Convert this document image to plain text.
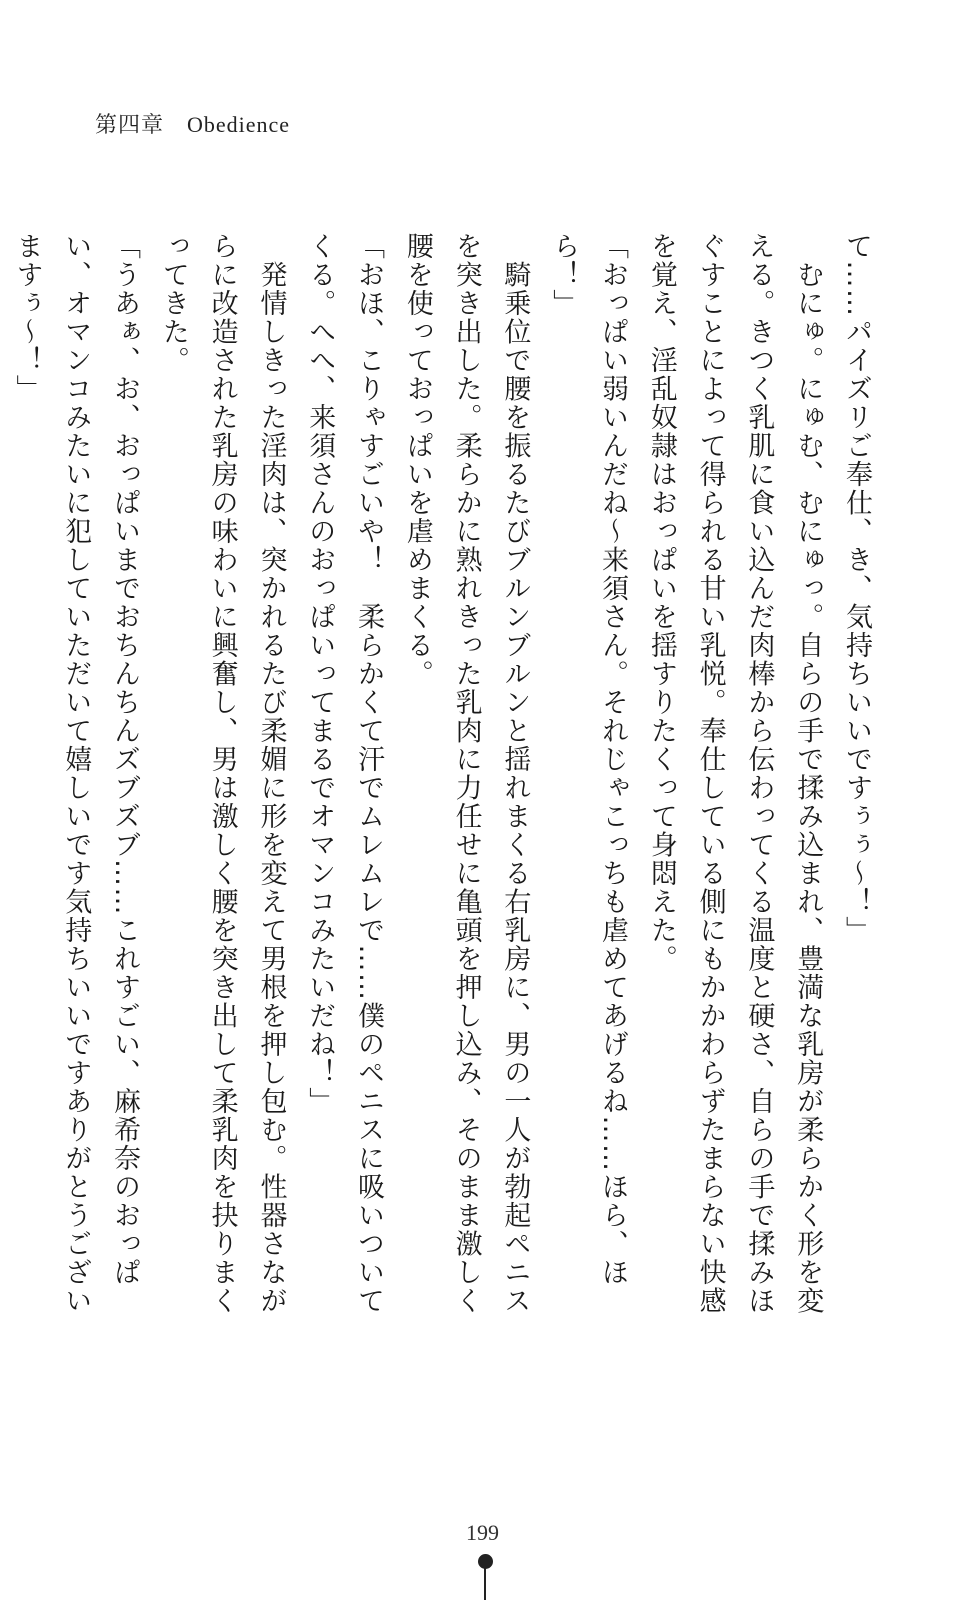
第四章　Obedience

て……パイズリご奉仕、き、気持ちいいですぅぅ〜！」

　むにゅ。にゅむ、むにゅっ。自らの手で揉み込まれ、豊満な乳房が柔らかく形を変える。きつく乳肌に食い込んだ肉棒から伝わってくる温度と硬さ、自らの手で揉みほぐすことによって得られる甘い乳悦。奉仕している側にもかかわらずたまらない快感を覚え、淫乱奴隷はおっぱいを揺すりたくって身悶えた。

「おっぱい弱いんだね〜来須さん。それじゃこっちも虐めてあげるね……ほら、ほら！」

　騎乗位で腰を振るたびブルンブルンと揺れまくる右乳房に、男の一人が勃起ペニスを突き出した。柔らかに熟れきった乳肉に力任せに亀頭を押し込み、そのまま激しく腰を使っておっぱいを虐めまくる。

「おほ、こりゃすごいや！　柔らかくて汗でムレムレで……僕のペニスに吸いついてくる。へへ、来須さんのおっぱいってまるでオマンコみたいだね！」

　発情しきった淫肉は、突かれるたび柔媚に形を変えて男根を押し包む。性器さながらに改造された乳房の味わいに興奮し、男は激しく腰を突き出して柔乳肉を抉りまくってきた。

「うあぁ、お、おっぱいまでおちんちんズブズブ……これすごい、麻希奈のおっぱい、オマンコみたいに犯していただいて嬉しいです気持ちいいですありがとうございますぅ〜！」

199
